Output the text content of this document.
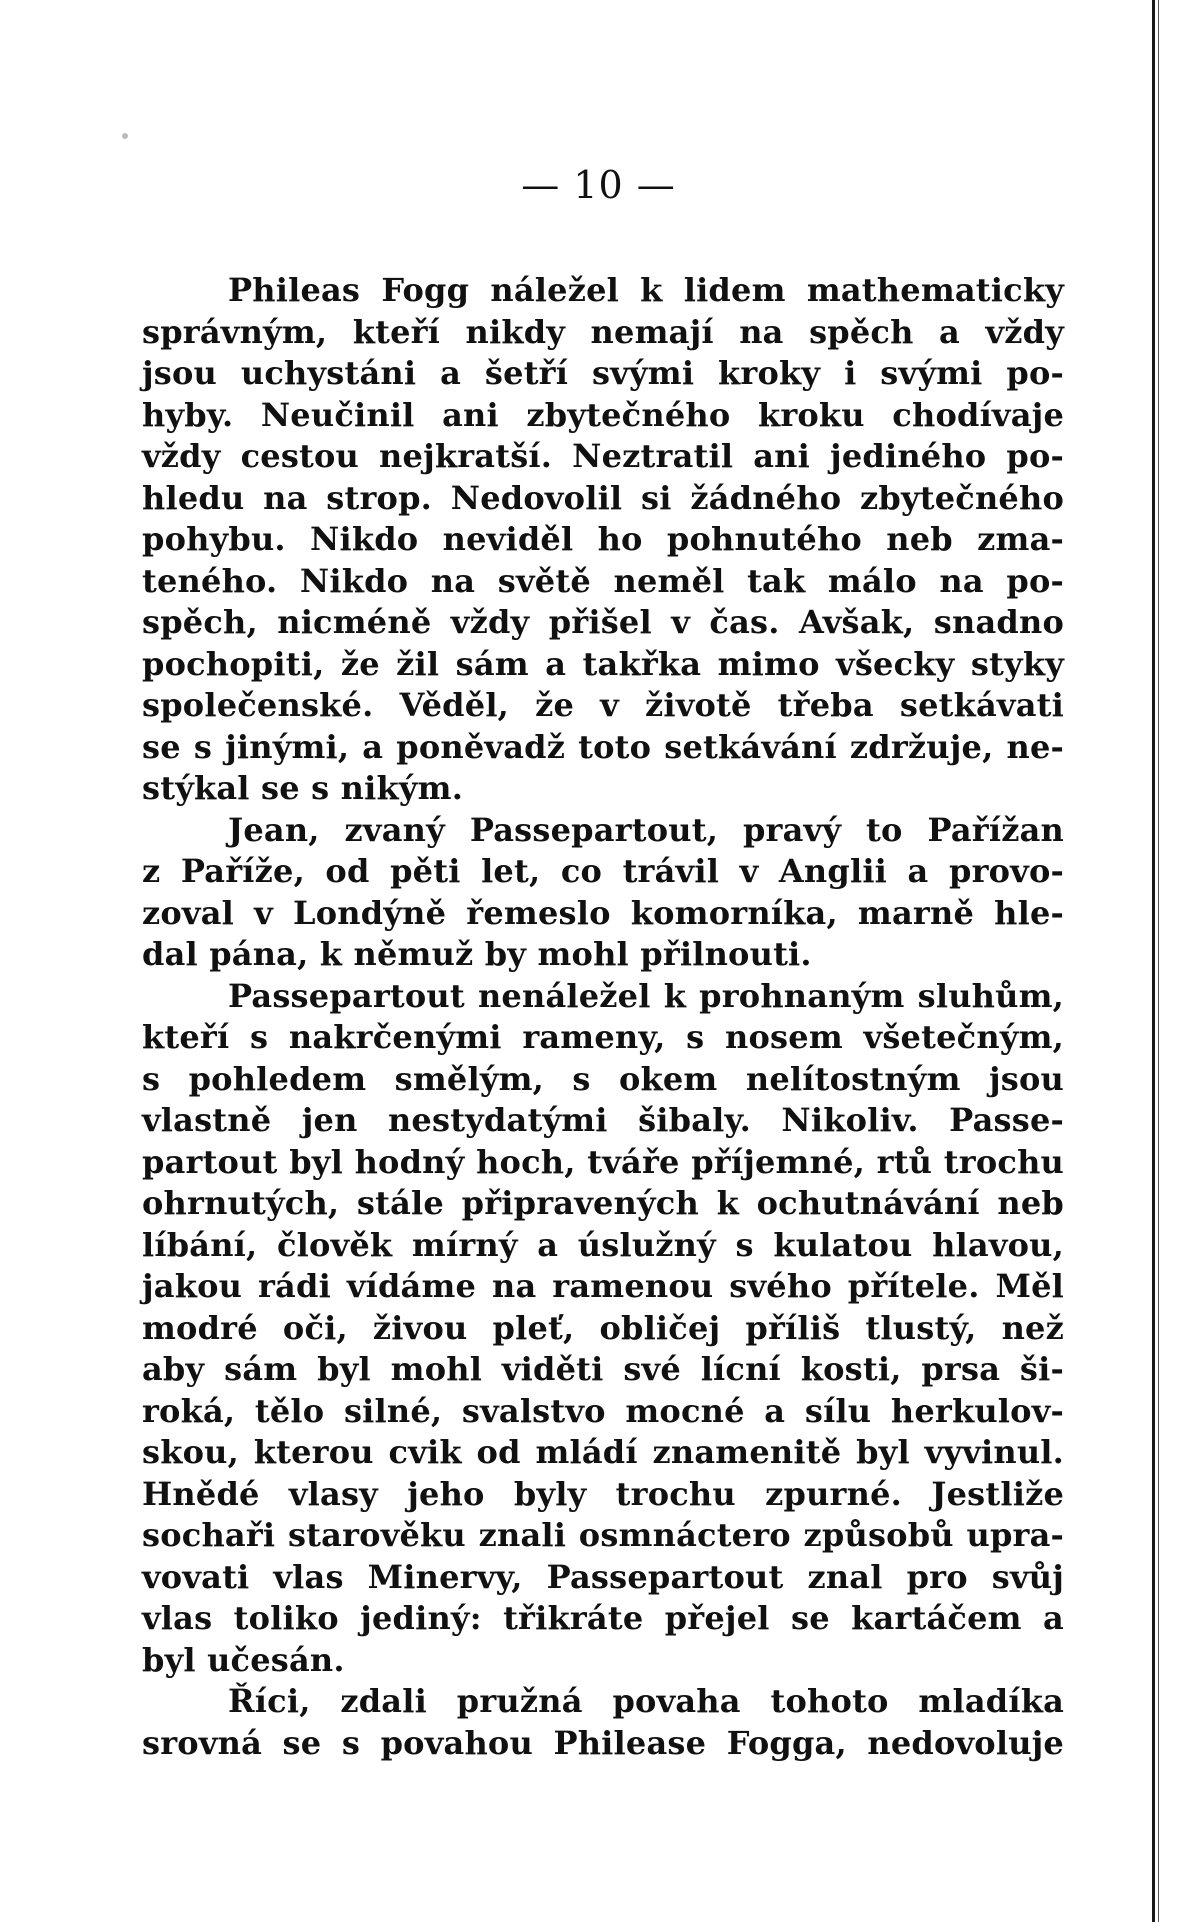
— 10 —
Phileas Fogg náležel k lidem mathematicky
správným, kteří nikdy nemají na spěch a vždy
jsou uchystáni a šetří svými kroky i svými po-
hyby. Neučinil ani zbytečného kroku chodívaje
vždy cestou nejkratší. Neztratil ani jediného po-
hledu na strop. Nedovolil si žádného zbytečného
pohybu. Nikdo neviděl ho pohnutého neb zma-
teného. Nikdo na světě neměl tak málo na po-
spěch, nicméně vždy přišel v čas. Avšak, snadno
pochopiti, že žil sám a takřka mimo všecky styky
společenské. Věděl, že v životě třeba setkávati
se s jinými, a poněvadž toto setkávání zdržuje, ne-
stýkal se s nikým.
Jean, zvaný Passepartout, pravý to Pařížan
z Paříže, od pěti let, co trávil v Anglii a provo-
zoval v Londýně řemeslo komorníka, marně hle-
dal pána, k němuž by mohl přilnouti.
Passepartout nenáležel k prohnaným sluhům,
kteří s nakrčenými rameny, s nosem všetečným,
s pohledem smělým, s okem nelítostným jsou
vlastně jen nestydatými šibaly. Nikoliv. Passe-
partout byl hodný hoch, tváře příjemné, rtů trochu
ohrnutých, stále připravených k ochutnávání neb
líbání, člověk mírný a úslužný s kulatou hlavou,
jakou rádi vídáme na ramenou svého přítele. Měl
modré oči, živou pleť, obličej příliš tlustý, než
aby sám byl mohl viděti své lícní kosti, prsa ši-
roká, tělo silné, svalstvo mocné a sílu herkulov-
skou, kterou cvik od mládí znamenitě byl vyvinul.
Hnědé vlasy jeho byly trochu zpurné. Jestliže
sochaři starověku znali osmnáctero způsobů upra-
vovati vlas Minervy, Passepartout znal pro svůj
vlas toliko jediný: třikráte přejel se kartáčem a
byl učesán.
Říci, zdali pružná povaha tohoto mladíka
srovná se s povahou Philease Fogga, nedovoluje
